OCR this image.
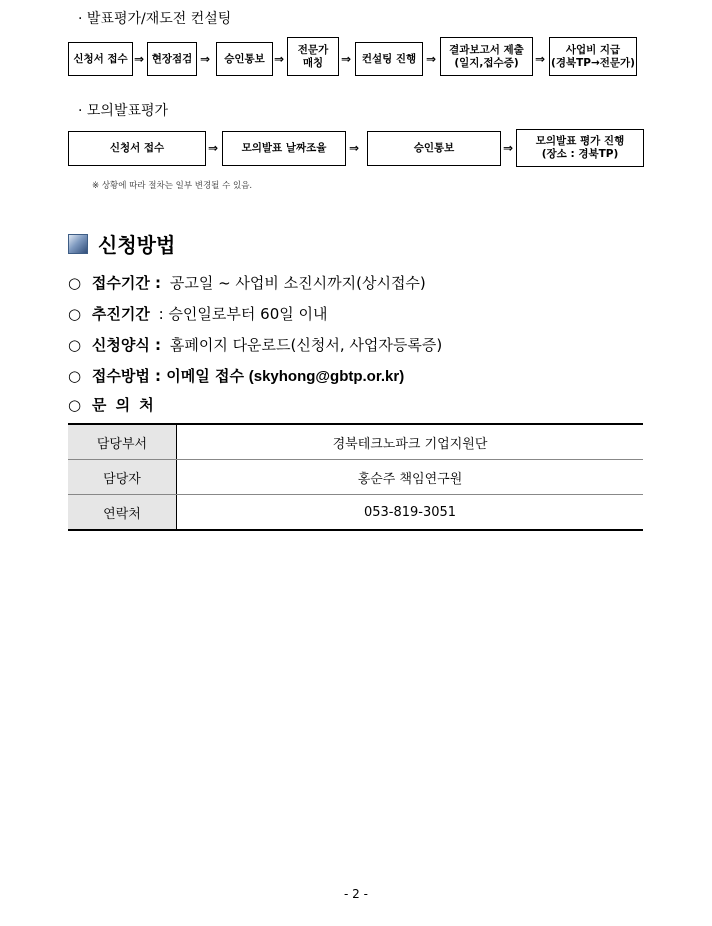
· 발표평가/재도전 컨설팅
신청서 접수 ⇒ 현장점검 ⇒	승인통보 ⇒
전문가
매칭	⇒	컨설팅 진행 ⇒
결과보고서 제출
(일지,접수증)	⇒
사업비 지급
(경북TP→전문가)
· 모의발표평가
신청서 접수	⇒	모의발표 날짜조율	⇒	승인통보	⇒	모의발표 평가 진행
(장소 : 경북TP)
※ 상황에 따라 절차는 일부 변경될 수 있음.
신청방법
○ 접수기간 : 공고일 ~ 사업비 소진시까지(상시접수)
○ 추진기간 : 승인일로부터 60일 이내
○ 신청양식 : 홈페이지 다운로드(신청서, 사업자등록증)
○ 접수방법 : 이메일 접수 (skyhong@gbtp.or.kr)
○ 문 의 처
담당부서	경북테크노파크 기업지원단
담당자	홍순주 책임연구원
연락처	053-819-3051
- 2 -
